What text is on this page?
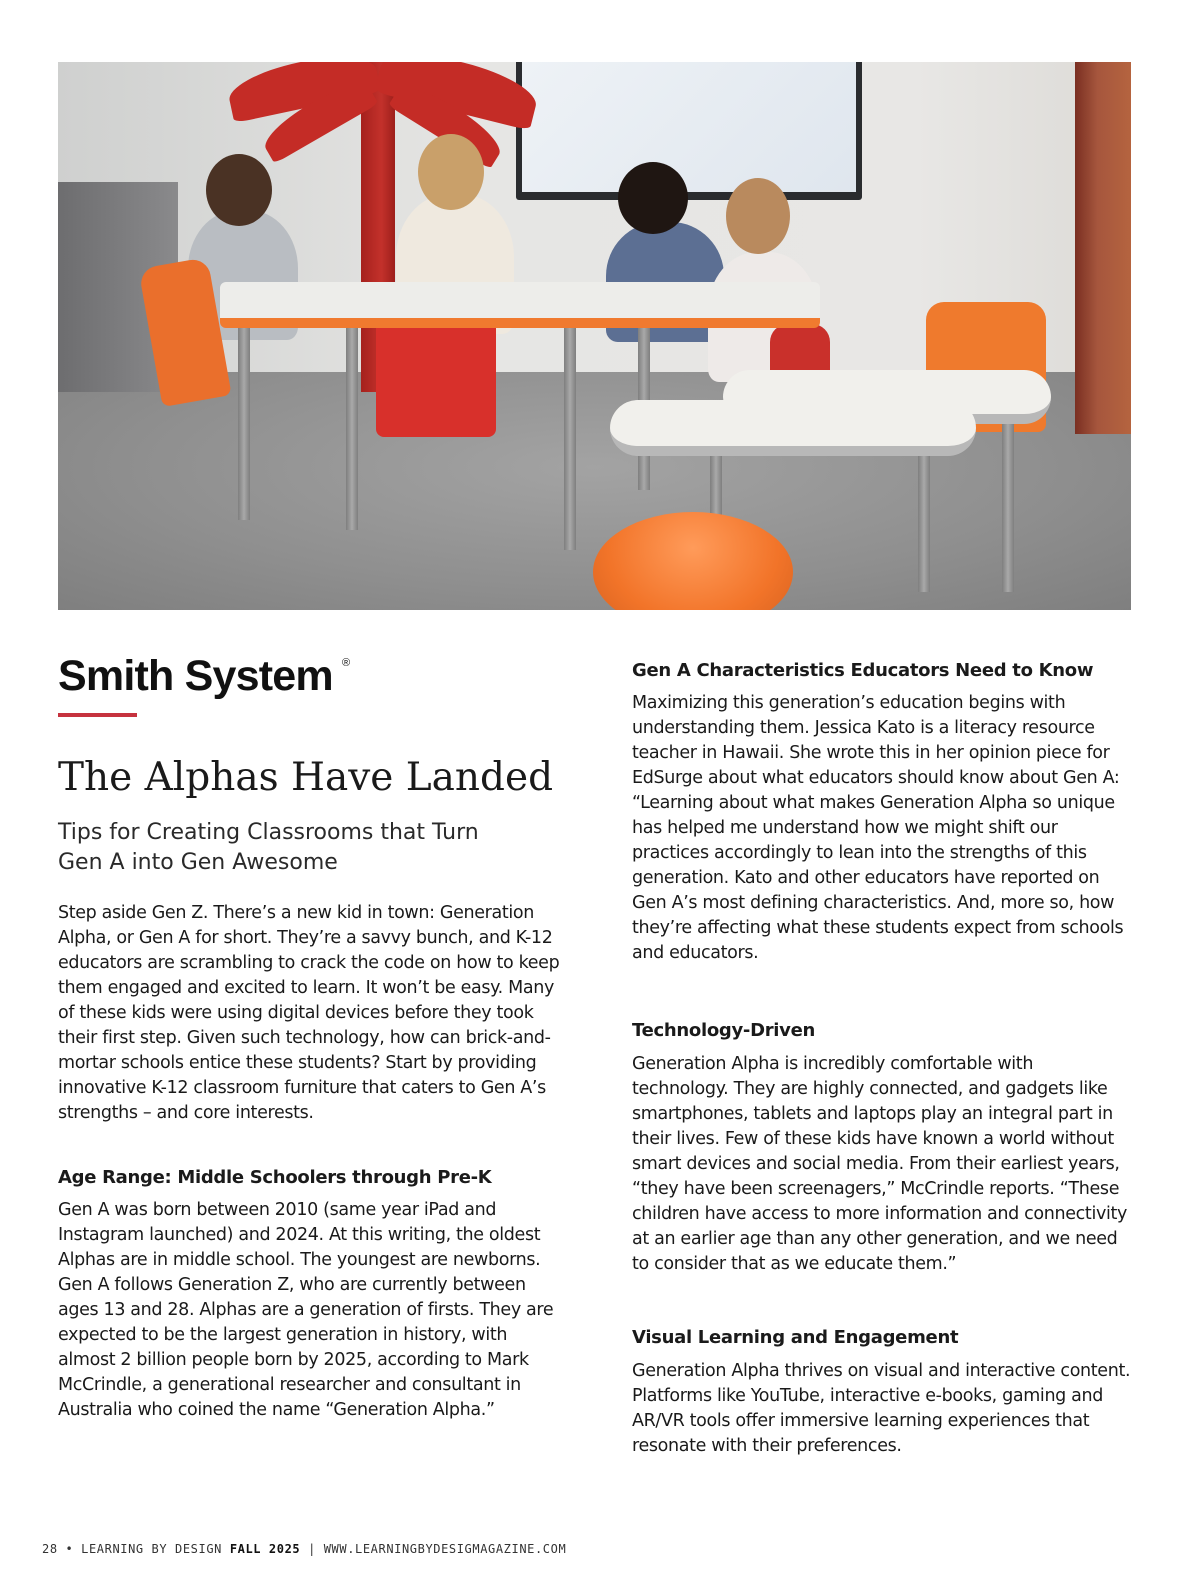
Smith System ®
The Alphas Have Landed
Tips for Creating Classrooms that Turn
Gen A into Gen Awesome

Step aside Gen Z. There’s a new kid in town: Generation Alpha, or Gen A for short. They’re a savvy bunch, and K-12 educators are scrambling to crack the code on how to keep them engaged and excited to learn. It won’t be easy. Many of these kids were using digital devices before they took their first step. Given such technology, how can brick-and-mortar schools entice these students? Start by providing innovative K-12 classroom furniture that caters to Gen A’s strengths – and core interests.

Age Range: Middle Schoolers through Pre-K

Gen A was born between 2010 (same year iPad and Instagram launched) and 2024. At this writing, the oldest Alphas are in middle school. The youngest are newborns. Gen A follows Generation Z, who are currently between ages 13 and 28. Alphas are a generation of firsts. They are expected to be the largest generation in history, with almost 2 billion people born by 2025, according to Mark McCrindle, a generational researcher and consultant in Australia who coined the name “Generation Alpha.”

Gen A Characteristics Educators Need to Know

Maximizing this generation’s education begins with understanding them. Jessica Kato is a literacy resource teacher in Hawaii. She wrote this in her opinion piece for EdSurge about what educators should know about Gen A: “Learning about what makes Generation Alpha so unique has helped me understand how we might shift our practices accordingly to lean into the strengths of this generation. Kato and other educators have reported on Gen A’s most defining characteristics. And, more so, how they’re affecting what these students expect from schools and educators.

Technology-Driven

Generation Alpha is incredibly comfortable with technology. They are highly connected, and gadgets like smartphones, tablets and laptops play an integral part in their lives. Few of these kids have known a world without smart devices and social media. From their earliest years, “they have been screenagers,” McCrindle reports. “These children have access to more information and connectivity at an earlier age than any other generation, and we need to consider that as we educate them.”

Visual Learning and Engagement

Generation Alpha thrives on visual and interactive content. Platforms like YouTube, interactive e-books, gaming and AR/VR tools offer immersive learning experiences that resonate with their preferences.

28 • LEARNING BY DESIGN FALL 2025 | WWW.LEARNINGBYDESIGMAGAZINE.COM
